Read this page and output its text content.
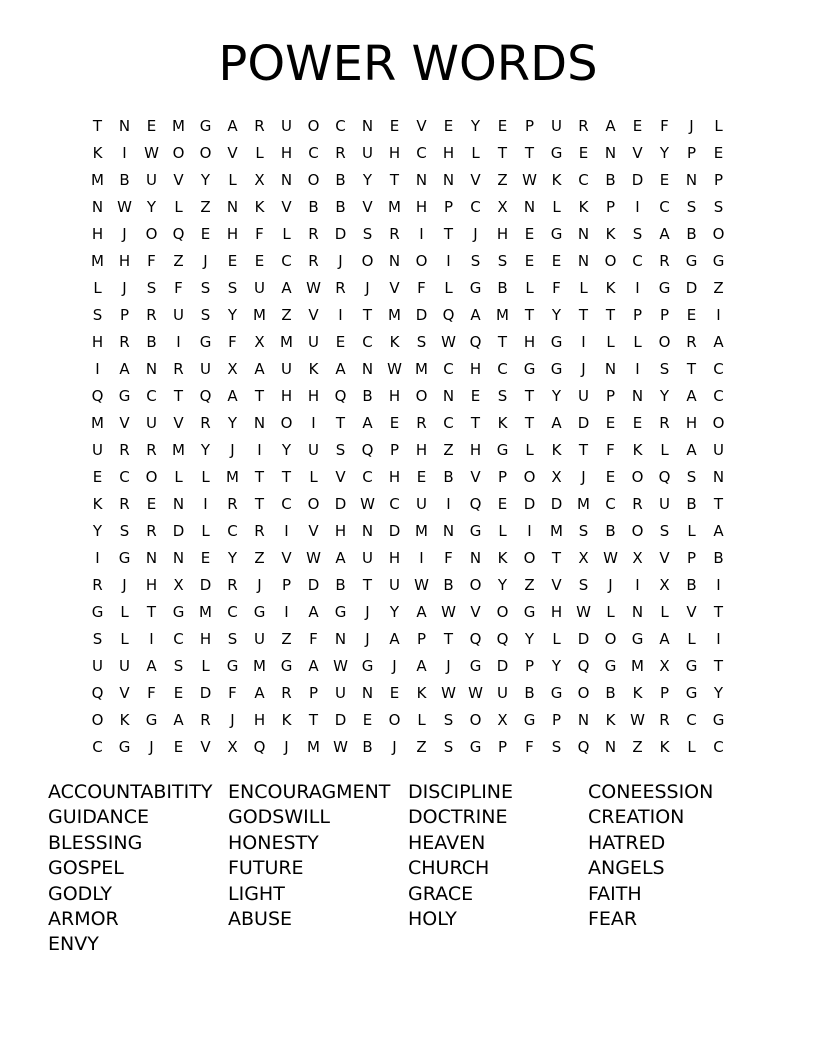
POWER WORDS
T	N	E	M G	A	R	U	O	C	N	E	V	E	Y	E	P	U	R	A	E	F	J	L
K	I	W O	O	V	L	H	C	R	U	H	C	H	L	T	T	G	E	N	V	Y	P	E
M	B	U	V	Y	L	X	N	O	B	Y	T	N	N	V	Z W K	C	B	D	E	N	P
N W Y	L	Z	N	K	V	B	B	V	M H	P	C	X	N	L	K	P	I	C	S	S
H	J	O	Q	E	H	F	L	R	D	S	R	I	T	J	H	E	G	N	K	S	A	B	O
M H	F	Z	J	E	E	C	R	J	O	N	O	I	S	S	E	E	N	O	C	R	G	G
L	J	S	F	S	S	U	A W R	J	V	F	L	G	B	L	F	L	K	I	G	D	Z
S	P	R	U	S	Y	M	Z	V	I	T	M D	Q	A	M	T	Y	T	T	P	P	E	I
H	R	B	I	G	F	X	M	U	E	C	K	S W Q	T	H	G	I	L	L	O	R	A
I	A	N	R	U	X	A	U	K	A	N W M	C	H	C	G	G	J	N	I	S	T	C
Q	G	C	T	Q	A	T	H	H	Q	B	H	O	N	E	S	T	Y	U	P	N	Y	A	C
M	V	U	V	R	Y	N	O	I	T	A	E	R	C	T	K	T	A	D	E	E	R	H	O
U	R	R	M	Y	J	I	Y	U	S	Q	P	H	Z	H	G	L	K	T	F	K	L	A	U
E	C	O	L	L	M	T	T	L	V	C	H	E	B	V	P	O	X	J	E	O	Q	S	N
K	R	E	N	I	R	T	C	O	D W C	U	I	Q	E	D	D M	C	R	U	B	T
Y	S	R	D	L	C	R	I	V	H	N	D M N	G	L	I	M	S	B	O	S	L	A
I	G	N	N	E	Y	Z	V W A	U	H	I	F	N	K	O	T	X W X	V	P	B
R	J	H	X	D	R	J	P	D	B	T	U W B	O	Y	Z	V	S	J	I	X	B	I
G	L	T	G M	C	G	I	A	G	J	Y	A W V	O	G	H W	L	N	L	V	T
S	L	I	C	H	S	U	Z	F	N	J	A	P	T	Q	Q	Y	L	D	O	G	A	L	I
U	U	A	S	L	G M G	A W G	J	A	J	G	D	P	Y	Q	G M	X	G	T
Q	V	F	E	D	F	A	R	P	U	N	E	K W W U	B	G	O	B	K	P	G	Y
O	K	G	A	R	J	H	K	T	D	E	O	L	S	O	X	G	P	N	K W R	C	G
C	G	J	E	V	X	Q	J	M W B	J	Z	S	G	P	F	S	Q	N	Z	K	L	C
ACCOUNTABITITY
GUIDANCE
BLESSING
GOSPEL
GODLY
ARMOR
ENVY
ENCOURAGMENT
GODSWILL
HONESTY
FUTURE
LIGHT
ABUSE
DISCIPLINE
DOCTRINE
HEAVEN
CHURCH
GRACE
HOLY
CONEESSION
CREATION
HATRED
ANGELS
FAITH
FEAR
